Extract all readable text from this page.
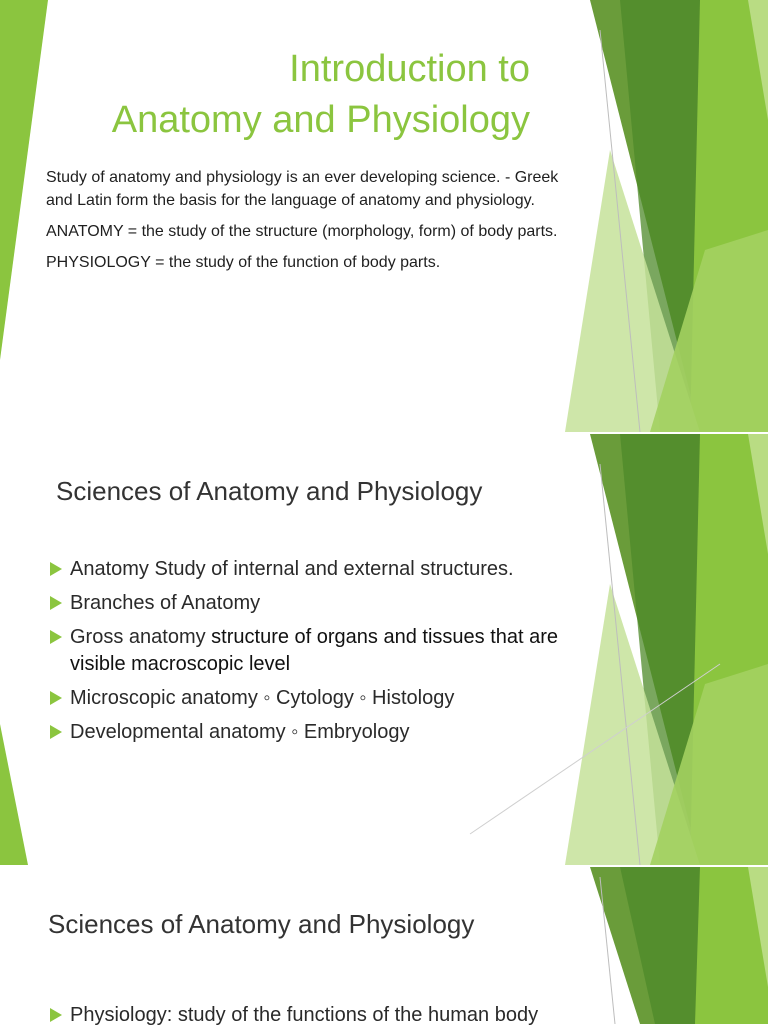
Introduction to
Anatomy and Physiology

Study of anatomy and physiology is an ever developing science. - Greek and Latin form the basis for the language of anatomy and physiology.

ANATOMY = the study of the structure (morphology, form) of body parts.

PHYSIOLOGY = the study of the function of body parts.

Sciences of Anatomy and Physiology
Anatomy Study of internal and external structures.
Branches of Anatomy
Gross anatomy structure of organs and tissues that are visible macroscopic level
Microscopic anatomy ◦ Cytology ◦ Histology
Developmental anatomy ◦ Embryology
Sciences of Anatomy and Physiology
Physiology: study of the functions of the human body
